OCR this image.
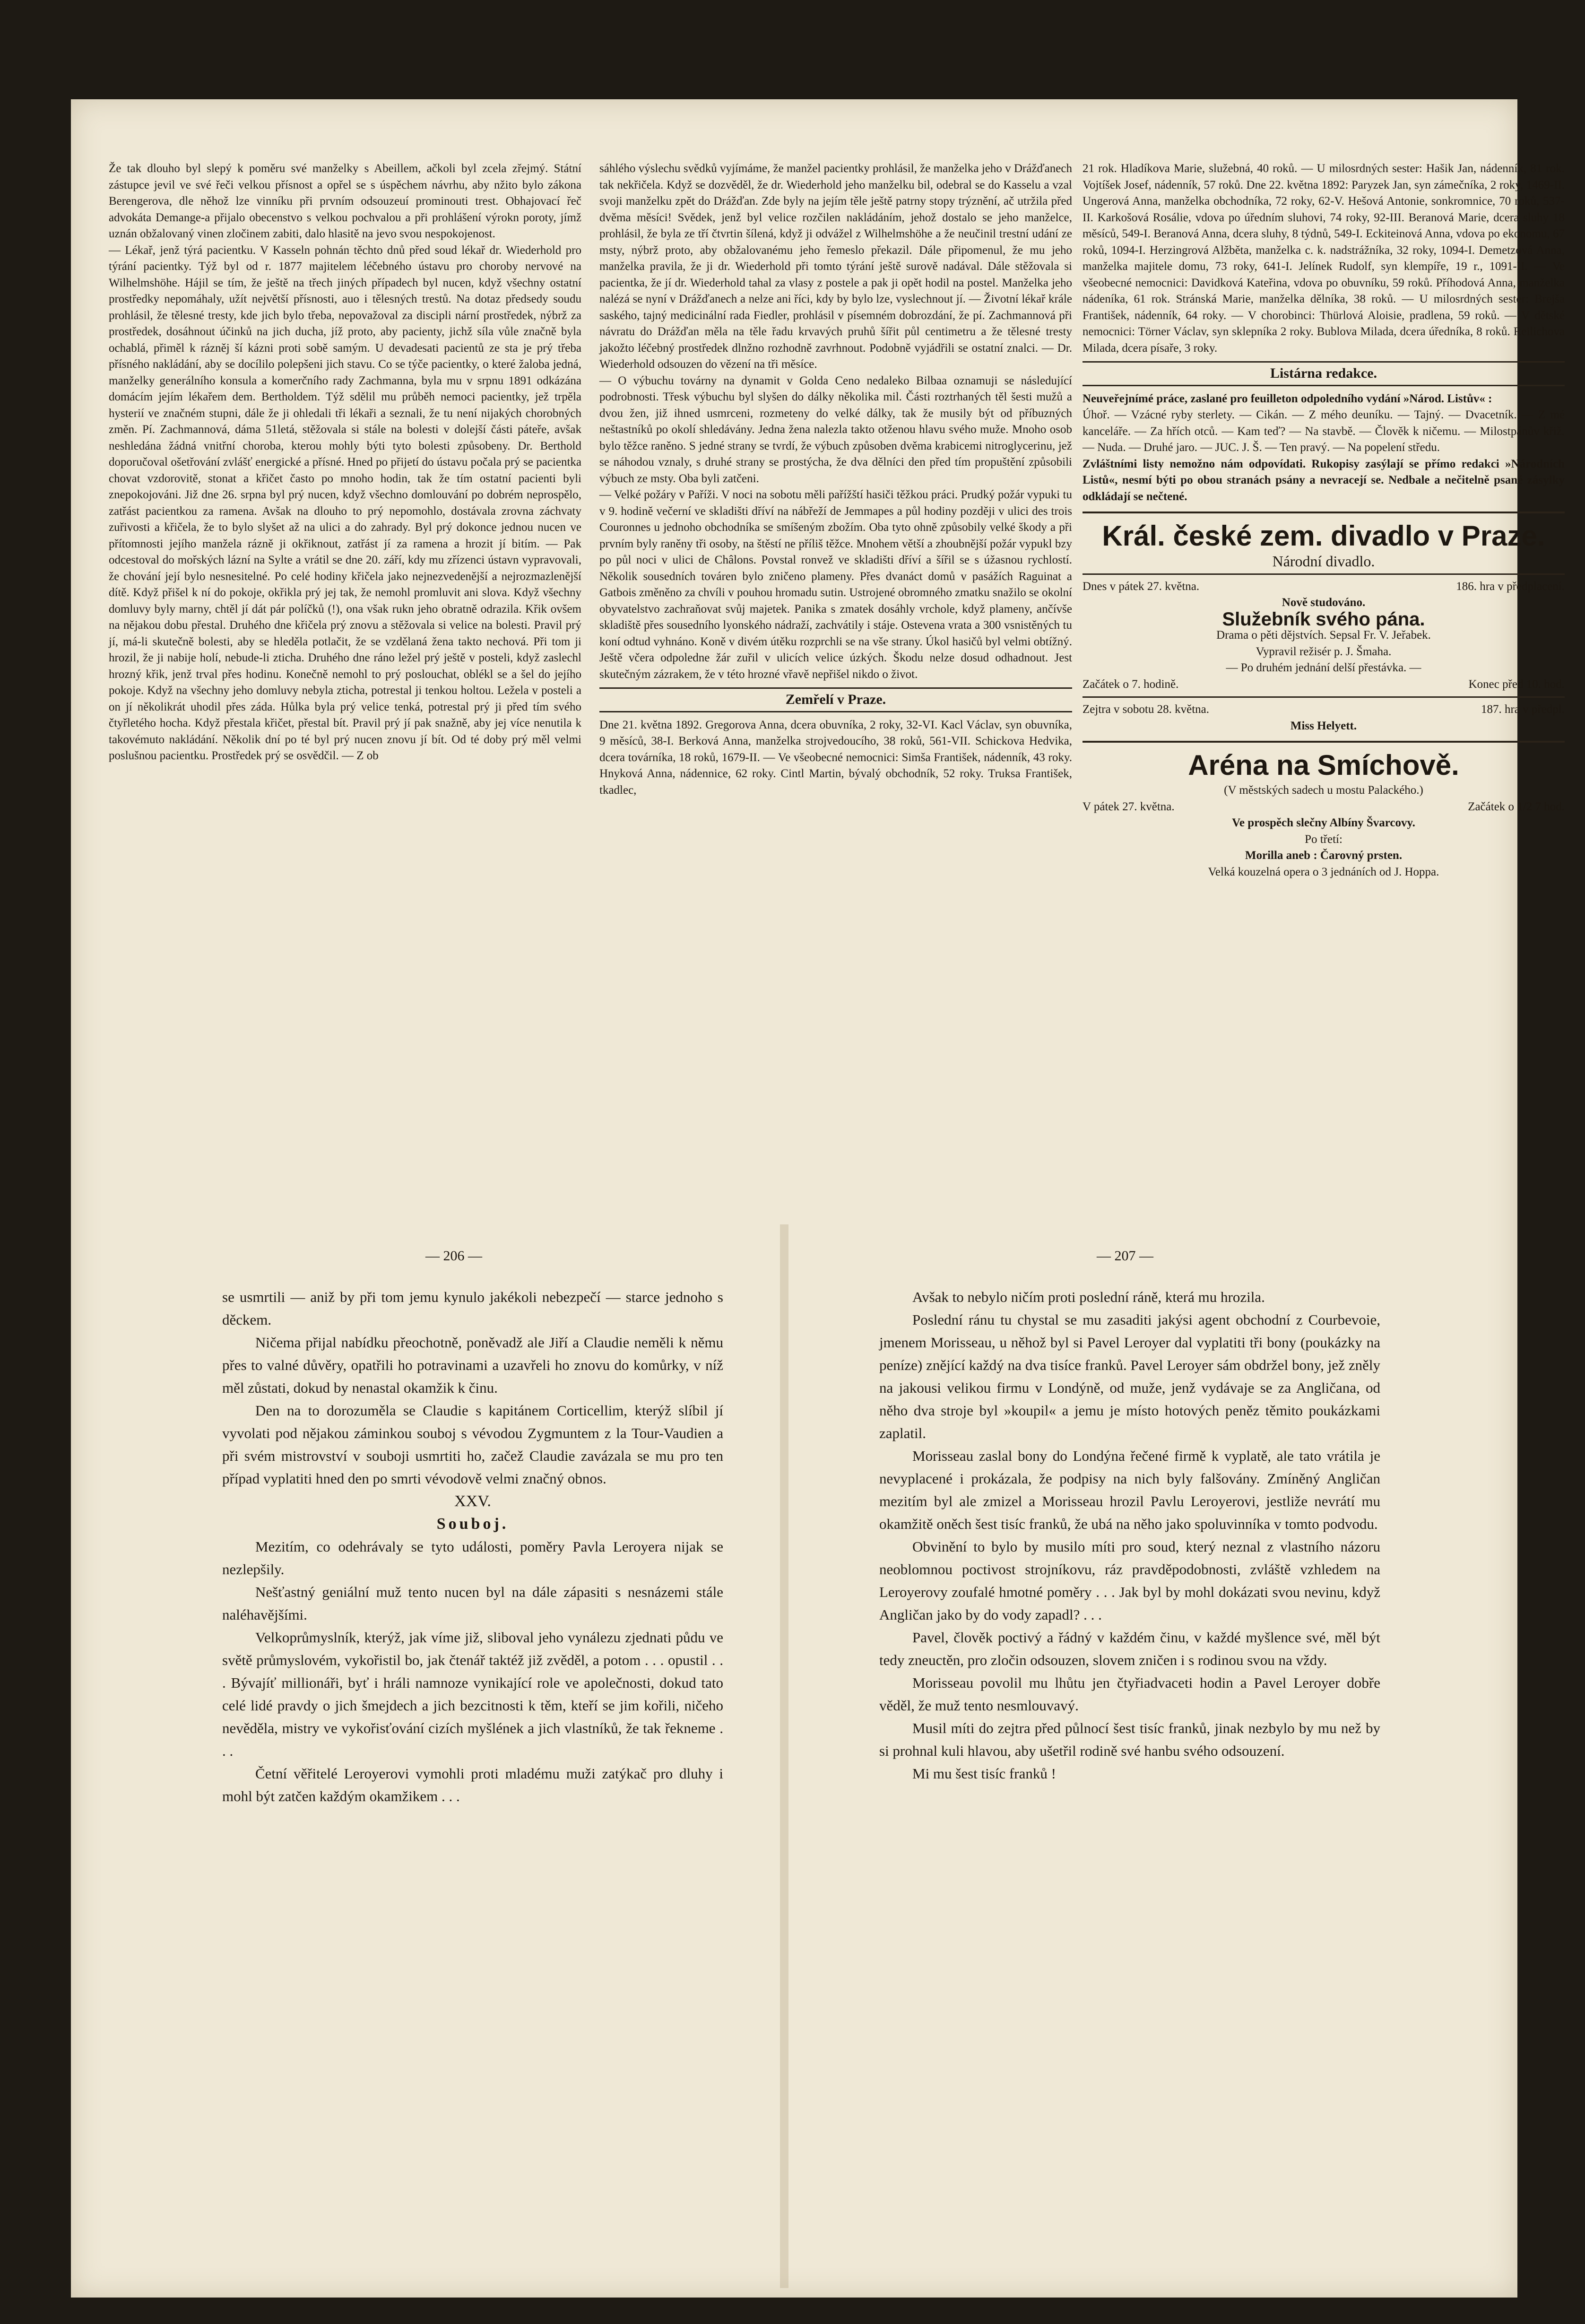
Že tak dlouho byl slepý k poměru své manželky s Abeillem, ačkoli byl zcela zřejmý. Státní zástupce jevil ve své řeči velkou přísnost a opřel se s úspěchem návrhu, aby nžito bylo zákona Berengerova, dle něhož lze vinníku při prvním odsouzeuí prominouti trest. Obhajovací řeč advokáta Demange-a přijalo obecenstvo s velkou pochvalou a při prohlášení výrokn poroty, jímž uznán obžalovaný vinen zločinem zabiti, dalo hlasitě na jevo svou nespokojenost.

— Lékař, jenž týrá pacientku. V Kasseln pohnán těchto dnů před soud lékař dr. Wiederhold pro týrání pacientky. Týž byl od r. 1877 majitelem léčebného ústavu pro choroby nervové na Wilhelmshöhe. Hájil se tím, že ještě na třech jiných případech byl nucen, když všechny ostatní prostředky nepomáhaly, užít největší přísnosti, auo i tělesných trestů. Na dotaz předsedy soudu prohlásil, že tělesné tresty, kde jich bylo třeba, nepovažoval za discipli nární prostředek, nýbrž za prostředek, dosáhnout účinků na jich ducha, jíž proto, aby pacienty, jichž síla vůle značně byla ochablá, přiměl k rázněj ší kázni proti sobě samým. U devadesati pacientů ze sta je prý třeba přísného nakládání, aby se docílilo polepšeni jich stavu. Co se týče pacientky, o které žaloba jedná, manželky generálního konsula a komerčního rady Zachmanna, byla mu v srpnu 1891 odkázána domácím jejím lékařem dem. Bertholdem. Týž sdělil mu průběh nemoci pacientky, jež trpěla hysterií ve značném stupni, dále že ji ohledali tři lékaři a seznali, že tu není nijakých chorobných změn. Pí. Zachmannová, dáma 51letá, stěžovala si stále na bolesti v dolejší části páteře, avšak neshledána žádná vnitřní choroba, kterou mohly býti tyto bolesti způsobeny. Dr. Berthold doporučoval ošetřování zvlášť energické a přísné. Hned po přijetí do ústavu počala prý se pacientka chovat vzdorovitě, stonat a křičet často po mnoho hodin, tak že tím ostatní pacienti byli znepokojováni. Již dne 26. srpna byl prý nucen, když všechno domlouvání po dobrém neprospělo, zatřást pacientkou za ramena. Avšak na dlouho to prý nepomohlo, dostávala zrovna záchvaty zuřivosti a křičela, že to bylo slyšet až na ulici a do zahrady. Byl prý dokonce jednou nucen ve přítomnosti jejího manžela rázně ji okřiknout, zatřást jí za ramena a hrozit jí bitím. — Pak odcestoval do mořských lázní na Sylte a vrátil se dne 20. září, kdy mu zřízenci ústavn vypravovali, že chování její bylo nesnesitelné. Po celé hodiny křičela jako nejnezvedenější a nejrozmazlenější dítě. Když přišel k ní do pokoje, okřikla prý jej tak, že nemohl promluvit ani slova. Když všechny domluvy byly marny, chtěl jí dát pár políčků (!), ona však rukn jeho obratně odrazila. Křik ovšem na nějakou dobu přestal. Druhého dne křičela prý znovu a stěžovala si velice na bolesti. Pravil prý jí, má-li skutečně bolesti, aby se hleděla potlačit, že se vzdělaná žena takto nechová. Při tom ji hrozil, že ji nabije holí, nebude-li zticha. Druhého dne ráno ležel prý ještě v posteli, když zaslechl hrozný křik, jenž trval přes hodinu. Konečně nemohl to prý poslouchat, oblékl se a šel do jejího pokoje. Když na všechny jeho domluvy nebyla zticha, potrestal ji tenkou holtou. Ležela v posteli a on jí několikrát uhodil přes záda. Hůlka byla prý velice tenká, potrestal prý ji před tím svého čtyřletého hocha. Když přestala křičet, přestal bít. Pravil prý jí pak snažně, aby jej více nenutila k takovémuto nakládání. Několik dní po té byl prý nucen znovu jí bít. Od té doby prý měl velmi poslušnou pacientku. Prostředek prý se osvědčil. — Z ob

sáhlého výslechu svědků vyjímáme, že manžel pacientky prohlásil, že manželka jeho v Drážďanech tak nekřičela. Když se dozvěděl, že dr. Wiederhold jeho manželku bil, odebral se do Kasselu a vzal svoji manželku zpět do Drážďan. Zde byly na jejím těle ještě patrny stopy trýznění, ač utržila před dvěma měsíci! Svědek, jenž byl velice rozčilen nakládáním, jehož dostalo se jeho manželce, prohlásil, že byla ze tří čtvrtin šílená, když ji odvážel z Wilhelmshöhe a že neučinil trestní udání ze msty, nýbrž proto, aby obžalovanému jeho řemeslo překazil. Dále připomenul, že mu jeho manželka pravila, že ji dr. Wiederhold při tomto týrání ještě surově nadával. Dále stěžovala si pacientka, že jí dr. Wiederhold tahal za vlasy z postele a pak ji opět hodil na postel. Manželka jeho nalézá se nyní v Drážďanech a nelze ani říci, kdy by bylo lze, vyslechnout jí. — Životní lékař krále saského, tajný medicinální rada Fiedler, prohlásil v písemném dobrozdání, že pí. Zachmannová při návratu do Drážďan měla na těle řadu krvavých pruhů šířit půl centimetru a že tělesné tresty jakožto léčebný prostředek dlnžno rozhodně zavrhnout. Podobně vyjádřili se ostatní znalci. — Dr. Wiederhold odsouzen do vězení na tři měsíce.

— O výbuchu továrny na dynamit v Golda Ceno nedaleko Bilbaa oznamuji se následující podrobnosti. Třesk výbuchu byl slyšen do dálky několika mil. Části roztrhaných těl šesti mužů a dvou žen, již ihned usmrceni, rozmeteny do velké dálky, tak že musily být od příbuzných neštastníků po okolí shledávány. Jedna žena nalezla takto otženou hlavu svého muže. Mnoho osob bylo těžce raněno. S jedné strany se tvrdí, že výbuch způsoben dvěma krabicemi nitroglycerinu, jež se náhodou vznaly, s druhé strany se prostýcha, že dva dělníci den před tím propuštění způsobili výbuch ze msty. Oba byli zatčeni.

— Velké požáry v Paříži. V noci na sobotu měli pařížští hasiči těžkou práci. Prudký požár vypuki tu v 9. hodině večerní ve skladišti dříví na nábřeží de Jemmapes a půl hodiny později v ulici des trois Couronnes u jednoho obchodníka se smíšeným zbožím. Oba tyto ohně způsobily velké škody a při prvním byly raněny tři osoby, na štěstí ne příliš těžce. Mnohem větší a zhoubnější požár vypukl bzy po půl noci v ulici de Châlons. Povstal ronvež ve skladišti dříví a šířil se s úžasnou rychlostí. Několik sousedních továren bylo zničeno plameny. Přes dvanáct domů v pasážích Raguinat a Gatbois změněno za chvíli v pouhou hromadu sutin. Ustrojené obromného zmatku snažilo se okolní obyvatelstvo zachraňovat svůj majetek. Panika s zmatek dosáhly vrchole, když plameny, ančívše skladiště přes sousedního lyonského nádraží, zachvátily i stáje. Ostevena vrata a 300 vsnistěných tu koní odtud vyhnáno. Koně v divém útěku rozprchli se na vše strany. Úkol hasičů byl velmi obtížný. Ještě včera odpoledne žár zuřil v ulicích velice úzkých. Škodu nelze dosud odhadnout. Jest skutečným zázrakem, že v této hrozné vřavě nepřišel nikdo o život.

Zemřelí v Praze.

Dne 21. května 1892. Gregorova Anna, dcera obuvníka, 2 roky, 32-VI. Kacl Václav, syn obuvníka, 9 měsíců, 38-I. Berková Anna, manželka strojvedoucího, 38 roků, 561-VII. Schickova Hedvika, dcera továrníka, 18 roků, 1679-II. — Ve všeobecné nemocnici: Simša František, nádenník, 43 roky. Hnyková Anna, nádennice, 62 roky. Cintl Martin, bývalý obchodník, 52 roky. Truksa František, tkadlec,

21 rok. Hladíkova Marie, služebná, 40 roků. — U milosrdných sester: Hašik Jan, nádenník, 81 rok. Vojtíšek Josef, nádenník, 57 roků. Dne 22. května 1892: Paryzek Jan, syn zámečníka, 2 roky, 1469-II. Ungerová Anna, manželka obchodníka, 72 roky, 62-V. Hešová Antonie, sonkromnice, 70 roků, 537-II. Karkošová Rosálie, vdova po úředním sluhovi, 74 roky, 92-III. Beranová Marie, dcera sluhy 18 měsíců, 549-I. Beranová Anna, dcera sluhy, 8 týdnů, 549-I. Eckiteinová Anna, vdova po ekonomu, 67 roků, 1094-I. Herzingrová Alžběta, manželka c. k. nadstrážníka, 32 roky, 1094-I. Demetzová Anna, manželka majitele domu, 73 roky, 641-I. Jelínek Rudolf, syn klempíře, 19 r., 1091-II. — Ve všeobecné nemocnici: Davidková Kateřina, vdova po obuvníku, 59 roků. Příhodová Anna, manželka nádeníka, 61 rok. Stránská Marie, manželka dělníka, 38 roků. — U milosrdných sester: Brejša František, nádenník, 64 roky. — V chorobinci: Thürlová Aloisie, pradlena, 59 roků. — V dětské nemocnici: Törner Václav, syn sklepníka 2 roky. Bublova Milada, dcera úředníka, 8 roků. Reilichova Milada, dcera písaře, 3 roky.

Listárna redakce.

Neuveřejnímé práce, zaslané pro feuilleton odpoledního vydání »Národ. Listův« :

Úhoř. — Vzácné ryby sterlety. — Cikán. — Z mého deuníku. — Tajný. — Dvacetník. — Z mé kanceláře. — Za hřích otců. — Kam teď? — Na stavbě. — Člověk k ničemu. — Milostpánův křiž. — Nuda. — Druhé jaro. — JUC. J. Š. — Ten pravý. — Na popelení středu.

Zvláštními listy nemožno nám odpovídati. Rukopisy zasýlají se přímo redakci »Národních Listů«, nesmí býti po obou stranách psány a nevracejí se. Nedbale a nečitelně psané zásylky odkládají se nečtené.

Král. české zem. divadlo v Praze.
Národní divadlo.
Dnes v pátek 27. května.	186. hra v předplacení.
Nově studováno.
Služebník svého pána.
Drama o pěti dějstvích. Sepsal Fr. V. Jeřabek.
Vypravil režisér p. J. Šmaha.
— Po druhém jednání delší přestávka. —
Začátek o 7. hodině.	Konec před 10. hod.
Zejtra v sobotu 28. května.	187. hra v předpl.
Miss Helyett.
Aréna na Smíchově.
(V městských sadech u mostu Palackého.)
V pátek 27. května.	Začátek o 1/2 7 hod.
Ve prospěch slečny Albíny Švarcovy.
Po třetí:
Morilla aneb : Čarovný prsten.
Velká kouzelná opera o 3 jednáních od J. Hoppa.
— 206 —	— 207 —

se usmrtili — aniž by při tom jemu kynulo jakékoli nebezpečí — starce jednoho s děckem.

Ničema přijal nabídku přeochotně, poněvadž ale Jiří a Claudie neměli k němu přes to valné důvěry, opatřili ho potravinami a uzavřeli ho znovu do komůrky, v níž měl zůstati, dokud by nenastal okamžik k činu.

Den na to dorozuměla se Claudie s kapitánem Corticellim, kterýž slíbil jí vyvolati pod nějakou záminkou souboj s vévodou Zygmuntem z la Tour-Vaudien a při svém mistrovství v souboji usmrtiti ho, začež Claudie zavázala se mu pro ten případ vyplatiti hned den po smrti vévodově velmi značný obnos.

XXV.

Souboj.

Mezitím, co odehrávaly se tyto události, poměry Pavla Leroyera nijak se nezlepšily.

Nešťastný geniální muž tento nucen byl na dále zápasiti s nesnázemi stále naléhavějšími.

Velkoprůmyslník, kterýž, jak víme již, sliboval jeho vynálezu zjednati půdu ve světě průmyslovém, vykořistil bo, jak čtenář taktéž již zvěděl, a potom . . . opustil . . . Bývajíť millionáři, byť i hráli namnoze vynikající role ve apolečnosti, dokud tato celé lidé pravdy o jich šmejdech a jich bezcitnosti k těm, kteří se jim kořili, ničeho nevěděla, mistry ve vykořisťování cizích myšlének a jich vlastníků, že tak řekneme . . .

Četní věřitelé Leroyerovi vymohli proti mladému muži zatýkač pro dluhy i mohl být zatčen každým okamžikem . . .

Avšak to nebylo ničím proti poslední ráně, která mu hrozila.

Poslední ránu tu chystal se mu zasaditi jakýsi agent obchodní z Courbevoie, jmenem Morisseau, u něhož byl si Pavel Leroyer dal vyplatiti tři bony (poukázky na peníze) znějící každý na dva tisíce franků. Pavel Leroyer sám obdržel bony, jež zněly na jakousi velikou firmu v Londýně, od muže, jenž vydávaje se za Angličana, od něho dva stroje byl »koupil« a jemu je místo hotových peněz těmito poukázkami zaplatil.

Morisseau zaslal bony do Londýna řečené firmě k vyplatě, ale tato vrátila je nevyplacené i prokázala, že podpisy na nich byly falšovány. Zmíněný Angličan mezitím byl ale zmizel a Morisseau hrozil Pavlu Leroyerovi, jestliže nevrátí mu okamžitě oněch šest tisíc franků, že ubá na něho jako spoluvinníka v tomto podvodu.

Obvinění to bylo by musilo míti pro soud, který neznal z vlastního názoru neoblomnou poctivost strojníkovu, ráz pravděpodobnosti, zvláště vzhledem na Leroyerovy zoufalé hmotné poměry . . . Jak byl by mohl dokázati svou nevinu, když Angličan jako by do vody zapadl? . . .

Pavel, člověk poctivý a řádný v každém činu, v každé myšlence své, měl být tedy zneuctěn, pro zločin odsouzen, slovem zničen i s rodinou svou na vždy.

Morisseau povolil mu lhůtu jen čtyřiadvaceti hodin a Pavel Leroyer dobře věděl, že muž tento nesmlouvavý.

Musil míti do zejtra před půlnocí šest tisíc franků, jinak nezbylo by mu než by si prohnal kuli hlavou, aby ušetřil rodině své hanbu svého odsouzení.

Mi mu šest tisíc franků !
